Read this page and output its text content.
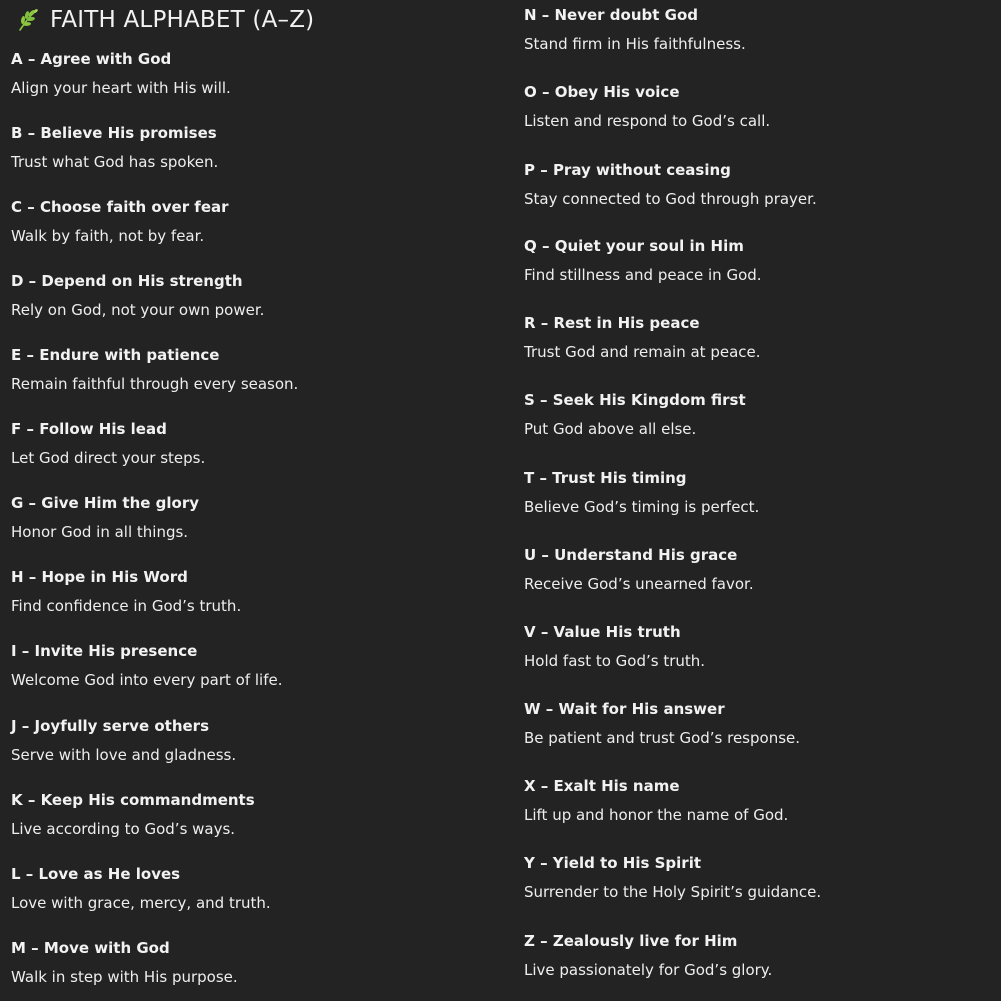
FAITH ALPHABET (A–Z)
A – Agree with God
Align your heart with His will.
B – Believe His promises
Trust what God has spoken.
C – Choose faith over fear
Walk by faith, not by fear.
D – Depend on His strength
Rely on God, not your own power.
E – Endure with patience
Remain faithful through every season.
F – Follow His lead
Let God direct your steps.
G – Give Him the glory
Honor God in all things.
H – Hope in His Word
Find confidence in God’s truth.
I – Invite His presence
Welcome God into every part of life.
J – Joyfully serve others
Serve with love and gladness.
K – Keep His commandments
Live according to God’s ways.
L – Love as He loves
Love with grace, mercy, and truth.
M – Move with God
Walk in step with His purpose.
N – Never doubt God
Stand firm in His faithfulness.
O – Obey His voice
Listen and respond to God’s call.
P – Pray without ceasing
Stay connected to God through prayer.
Q – Quiet your soul in Him
Find stillness and peace in God.
R – Rest in His peace
Trust God and remain at peace.
S – Seek His Kingdom first
Put God above all else.
T – Trust His timing
Believe God’s timing is perfect.
U – Understand His grace
Receive God’s unearned favor.
V – Value His truth
Hold fast to God’s truth.
W – Wait for His answer
Be patient and trust God’s response.
X – Exalt His name
Lift up and honor the name of God.
Y – Yield to His Spirit
Surrender to the Holy Spirit’s guidance.
Z – Zealously live for Him
Live passionately for God’s glory.
